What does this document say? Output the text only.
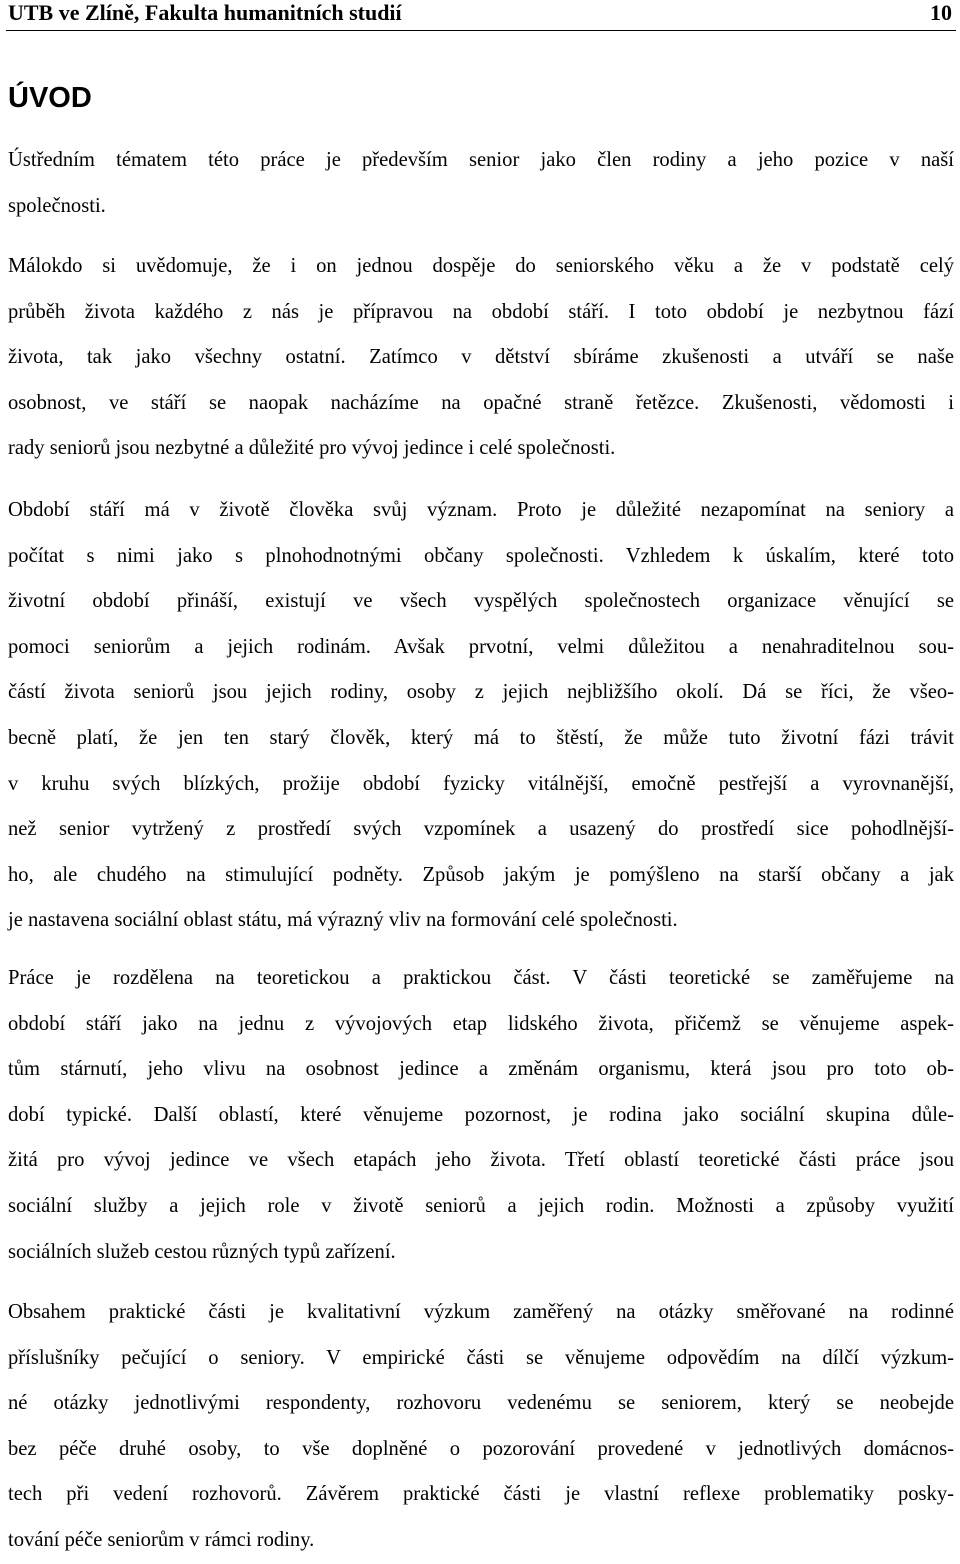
UTB ve Zlíně, Fakulta humanitních studií	10
ÚVOD
Ústředním tématem této práce je především senior jako člen rodiny a jeho pozice v naší
společnosti.
Málokdo si uvědomuje, že i on jednou dospěje do seniorského věku a že v podstatě celý
průběh života každého z nás je přípravou na období stáří. I toto období je nezbytnou fází
života, tak jako všechny ostatní. Zatímco v dětství sbíráme zkušenosti a utváří se naše
osobnost, ve stáří se naopak nacházíme na opačné straně řetězce. Zkušenosti, vědomosti i
rady seniorů jsou nezbytné a důležité pro vývoj jedince i celé společnosti.
Období stáří má v životě člověka svůj význam. Proto je důležité nezapomínat na seniory a
počítat s nimi jako s plnohodnotnými občany společnosti. Vzhledem k úskalím, které toto
životní období přináší, existují ve všech vyspělých společnostech organizace věnující se
pomoci seniorům a jejich rodinám. Avšak prvotní, velmi důležitou a nenahraditelnou sou-
částí života seniorů jsou jejich rodiny, osoby z jejich nejbližšího okolí. Dá se říci, že všeo-
becně platí, že jen ten starý člověk, který má to štěstí, že může tuto životní fázi trávit
v kruhu svých blízkých, prožije období fyzicky vitálnější, emočně pestřejší a vyrovnanější,
než senior vytržený z prostředí svých vzpomínek a usazený do prostředí sice pohodlnější-
ho, ale chudého na stimulující podněty. Způsob jakým je pomýšleno na starší občany a jak
je nastavena sociální oblast státu, má výrazný vliv na formování celé společnosti.
Práce je rozdělena na teoretickou a praktickou část. V části teoretické se zaměřujeme na
období stáří jako na jednu z vývojových etap lidského života, přičemž se věnujeme aspek-
tům stárnutí, jeho vlivu na osobnost jedince a změnám organismu, která jsou pro toto ob-
dobí typické. Další oblastí, které věnujeme pozornost, je rodina jako sociální skupina důle-
žitá pro vývoj jedince ve všech etapách jeho života. Třetí oblastí teoretické části práce jsou
sociální služby a jejich role v životě seniorů a jejich rodin. Možnosti a způsoby využití
sociálních služeb cestou různých typů zařízení.
Obsahem praktické části je kvalitativní výzkum zaměřený na otázky směřované na rodinné
příslušníky pečující o seniory. V empirické části se věnujeme odpovědím na dílčí výzkum-
né otázky jednotlivými respondenty, rozhovoru vedenému se seniorem, který se neobejde
bez péče druhé osoby, to vše doplněné o pozorování provedené v jednotlivých domácnos-
tech při vedení rozhovorů. Závěrem praktické části je vlastní reflexe problematiky posky-
tování péče seniorům v rámci rodiny.
